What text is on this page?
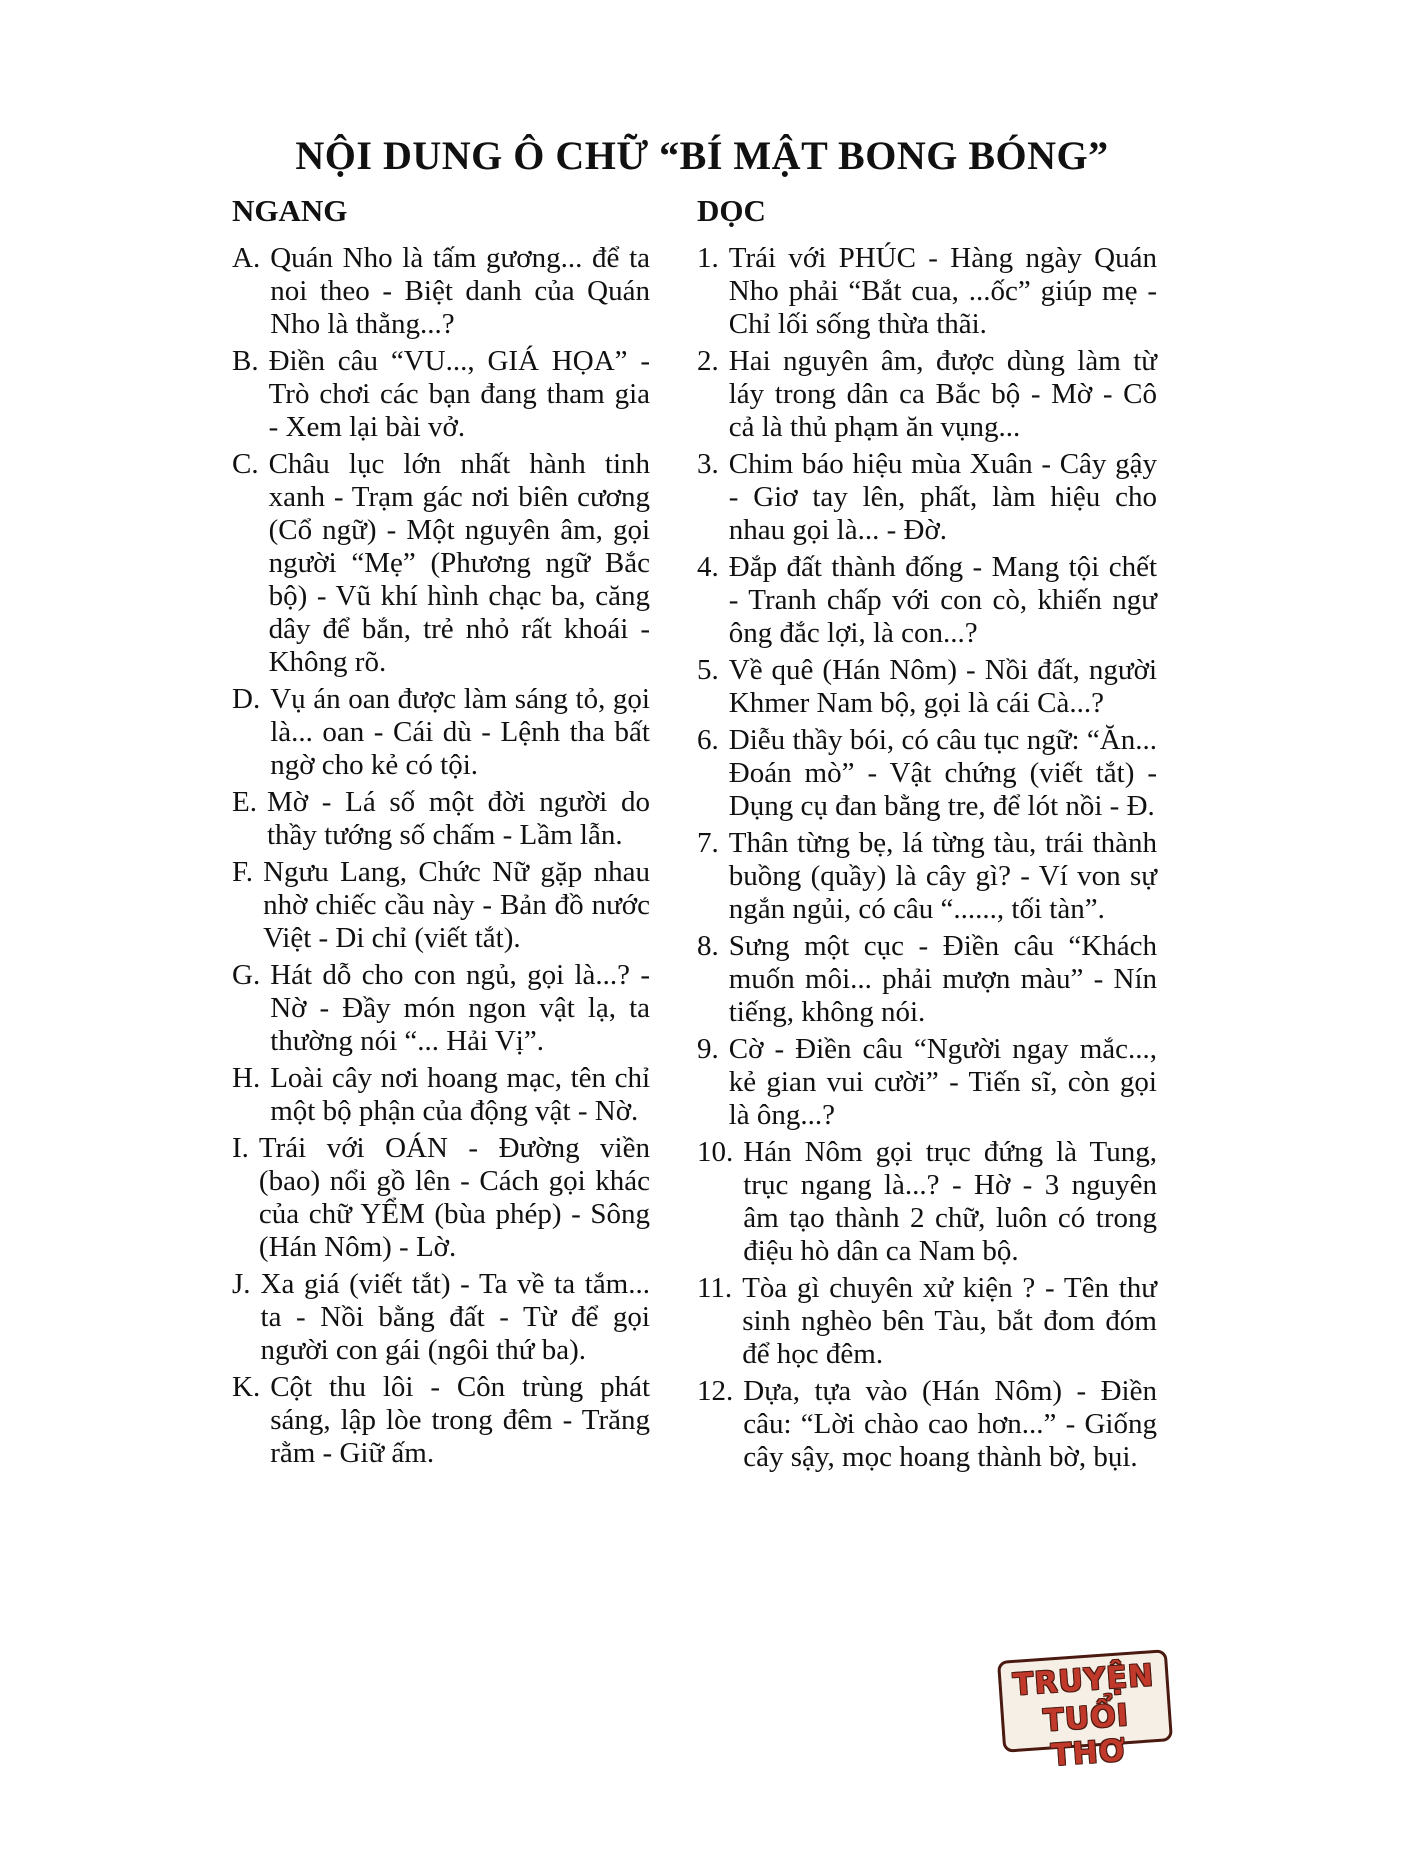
NỘI DUNG Ô CHỮ “BÍ MẬT BONG BÓNG”
NGANG
A. Quán Nho là tấm gương... để ta noi theo - Biệt danh của Quán Nho là thằng...?
B. Điền câu “VU..., GIÁ HỌA” - Trò chơi các bạn đang tham gia - Xem lại bài vở.
C. Châu lục lớn nhất hành tinh xanh - Trạm gác nơi biên cương (Cổ ngữ) - Một nguyên âm, gọi người “Mẹ” (Phương ngữ Bắc bộ) - Vũ khí hình chạc ba, căng dây để bắn, trẻ nhỏ rất khoái - Không rõ.
D. Vụ án oan được làm sáng tỏ, gọi là... oan - Cái dù - Lệnh tha bất ngờ cho kẻ có tội.
E. Mờ - Lá số một đời người do thầy tướng số chấm - Lầm lẫn.
F. Ngưu Lang, Chức Nữ gặp nhau nhờ chiếc cầu này - Bản đồ nước Việt - Di chỉ (viết tắt).
G. Hát dỗ cho con ngủ, gọi là...? - Nờ - Đầy món ngon vật lạ, ta thường nói “... Hải Vị”.
H. Loài cây nơi hoang mạc, tên chỉ một bộ phận của động vật - Nờ.
I. Trái với OÁN - Đường viền (bao) nổi gồ lên - Cách gọi khác của chữ YỂM (bùa phép) - Sông (Hán Nôm) - Lờ.
J. Xa giá (viết tắt) - Ta về ta tắm... ta - Nồi bằng đất - Từ để gọi người con gái (ngôi thứ ba).
K. Cột thu lôi - Côn trùng phát sáng, lập lòe trong đêm - Trăng rằm - Giữ ấm.
DỌC
1. Trái với PHÚC - Hàng ngày Quán Nho phải “Bắt cua, ...ốc” giúp mẹ - Chỉ lối sống thừa thãi.
2. Hai nguyên âm, được dùng làm từ láy trong dân ca Bắc bộ - Mờ - Cô cả là thủ phạm ăn vụng...
3. Chim báo hiệu mùa Xuân - Cây gậy - Giơ tay lên, phất, làm hiệu cho nhau gọi là... - Đờ.
4. Đắp đất thành đống - Mang tội chết - Tranh chấp với con cò, khiến ngư ông đắc lợi, là con...?
5. Về quê (Hán Nôm) - Nồi đất, người Khmer Nam bộ, gọi là cái Cà...?
6. Diễu thầy bói, có câu tục ngữ: “Ăn... Đoán mò” - Vật chứng (viết tắt) - Dụng cụ đan bằng tre, để lót nồi - Đ.
7. Thân từng bẹ, lá từng tàu, trái thành buồng (quầy) là cây gì? - Ví von sự ngắn ngủi, có câu “......, tối tàn”.
8. Sưng một cục - Điền câu “Khách muốn môi... phải mượn màu” - Nín tiếng, không nói.
9. Cờ - Điền câu “Người ngay mắc..., kẻ gian vui cười” - Tiến sĩ, còn gọi là ông...?
10. Hán Nôm gọi trục đứng là Tung, trục ngang là...? - Hờ - 3 nguyên âm tạo thành 2 chữ, luôn có trong điệu hò dân ca Nam bộ.
11. Tòa gì chuyên xử kiện ? - Tên thư sinh nghèo bên Tàu, bắt đom đóm để học đêm.
12. Dựa, tựa vào (Hán Nôm) - Điền câu: “Lời chào cao hơn...” - Giống cây sậy, mọc hoang thành bờ, bụi.
TRUYỆN
TUỔI THƠ
